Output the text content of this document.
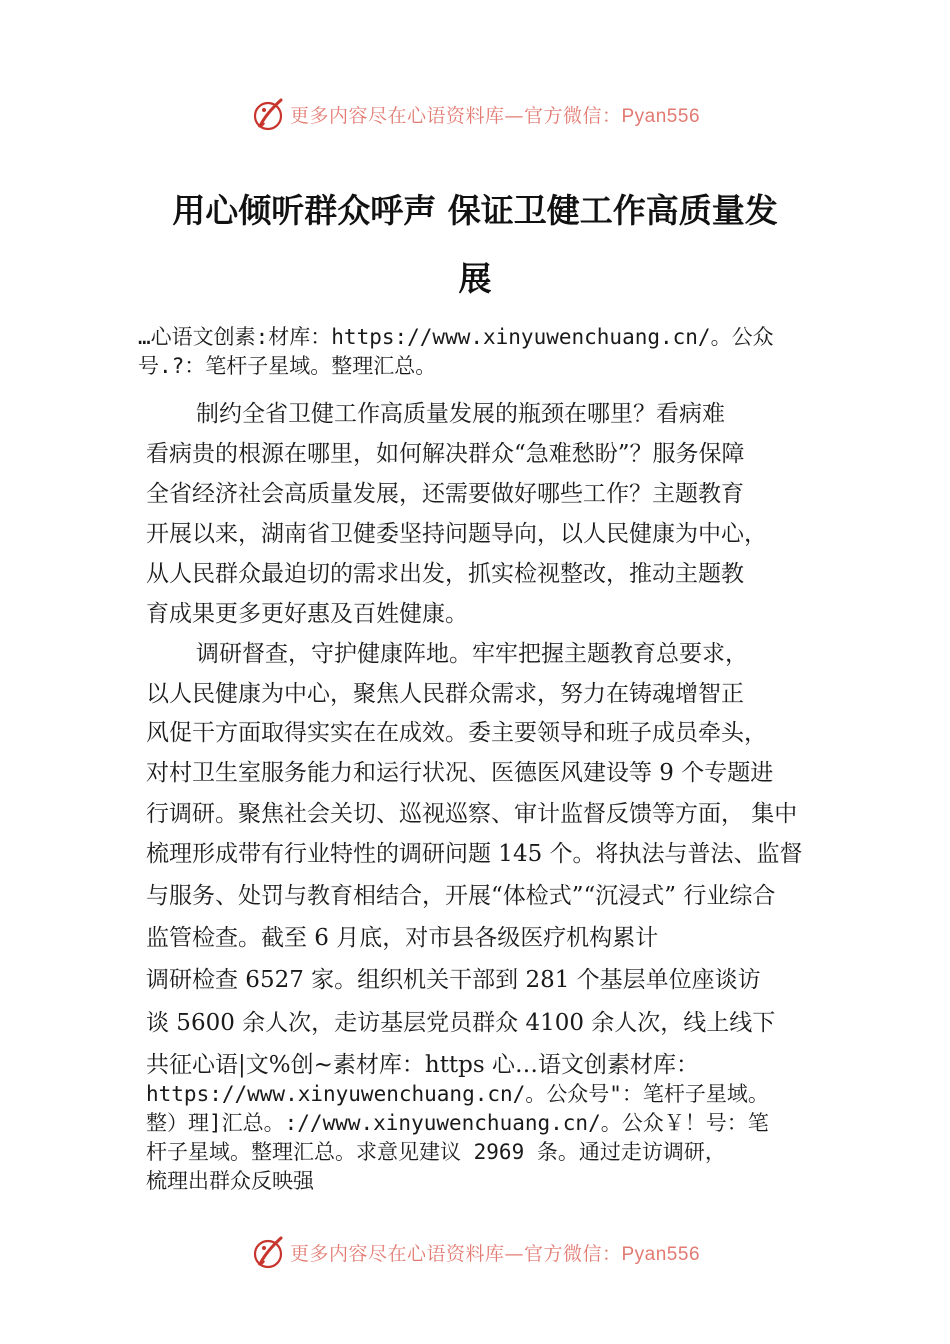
更多内容尽在心语资料库—官方微信：Pyan556
用心倾听群众呼声 保证卫健工作高质量发
展
…心语文创素:材库：https://www.xinyuwenchuang.cn/。公众
号.?：笔杆子星域。整理汇总。
制约全省卫健工作高质量发展的瓶颈在哪里？看病难
看病贵的根源在哪里，如何解决群众“急难愁盼”？服务保障
全省经济社会高质量发展，还需要做好哪些工作？主题教育
开展以来，湖南省卫健委坚持问题导向，以人民健康为中心，
从人民群众最迫切的需求出发，抓实检视整改，推动主题教
育成果更多更好惠及百姓健康。
调研督查，守护健康阵地。牢牢把握主题教育总要求，
以人民健康为中心，聚焦人民群众需求，努力在铸魂增智正
风促干方面取得实实在在成效。委主要领导和班子成员牵头，
对村卫生室服务能力和运行状况、医德医风建设等 9 个专题进
行调研。聚焦社会关切、巡视巡察、审计监督反馈等方面， 集中
梳理形成带有行业特性的调研问题 145 个。将执法与普法、监督
与服务、处罚与教育相结合，开展“体检式”“沉浸式” 行业综合
监管检查。截至 6 月底，对市县各级医疗机构累计
调研检查 6527 家。组织机关干部到 281 个基层单位座谈访
谈 5600 余人次，走访基层党员群众 4100 余人次，线上线下
共征心语|文%创~素材库：https 心…语文创素材库：
https://www.xinyuwenchuang.cn/。公众号"：笔杆子星域。
整）理]汇总。://www.xinyuwenchuang.cn/。公众￥！号：笔
杆子星域。整理汇总。求意见建议 2969 条。通过走访调研，
梳理出群众反映强
更多内容尽在心语资料库—官方微信：Pyan556
